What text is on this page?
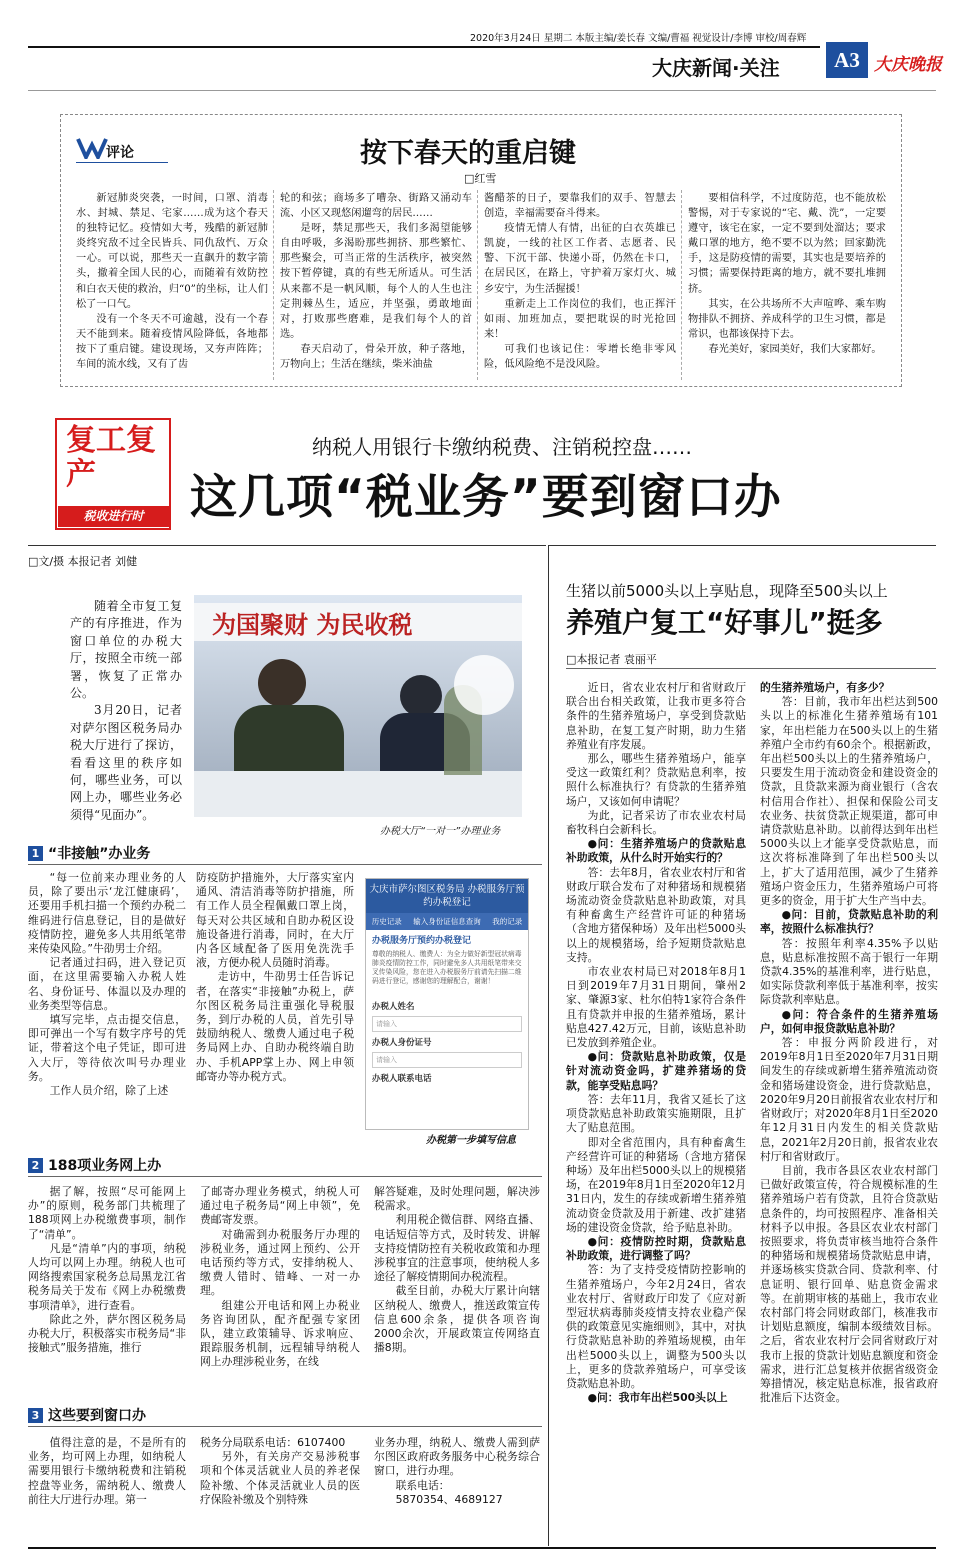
2020年3月24日 星期二 本版主编/姜长春 文编/曹福 视觉设计/李博 审校/周春辉
大庆新闻·关注	A3 大庆晚报
评论	按下春天的重启键
□红雪

新冠肺炎突袭，一时间，口罩、消毒水、封城、禁足、宅家……成为这个春天的独特记忆。疫情如大考，残酷的新冠肺炎终究敌不过全民皆兵、同仇敌忾、万众一心。可以说，那些天一直飙升的数字箭头，撤着全国人民的心，而随着有效防控和白衣天使的救治，归“0”的坐标，让人们松了一口气。

没有一个冬天不可逾越，没有一个春天不能到来。随着疫情风险降低，各地都按下了重启键。建设现场，又夯声阵阵；车间的流水线，又有了齿

轮的和弦；商场多了嘈杂、街路又涌动车流、小区又现悠闲遛弯的居民……

是呀，禁足那些天，我们多渴望能够自由呼吸，多渴盼那些拥挤、那些繁忙、那些聚会，可当正常的生活秩序，被突然按下暂停键，真的有些无所适从。可生活从来都不是一帆风顺，每个人的人生也注定荆棘丛生，适应，并坚强，勇敢地面对，打败那些磨难，是我们每个人的首选。

春天启动了，骨朵开放，种子落地，万物向上；生活在继续，柴米油盐

酱醋茶的日子，要靠我们的双手、智慧去创造，幸福需要奋斗得来。

疫情无情人有情，出征的白衣英雄已凯旋，一线的社区工作者、志愿者、民警、下沉干部、快递小哥，仍然在卡口，在居民区，在路上，守护着万家灯火、城乡安宁，为生活握援！

重新走上工作岗位的我们，也正挥汗如雨、加班加点，要把耽误的时光抢回来！

可我们也该记住：零增长绝非零风险，低风险绝不是没风险。

要相信科学，不过度防范，也不能放松警惕，对于专家说的“宅、戴、洗”，一定要遵守，该宅在家，一定不要到处溜达；要求戴口罩的地方，绝不要不以为然；回家勤洗手，这是防疫情的需要，其实也是要培养的习惯；需要保持距离的地方，就不要扎堆拥挤。

其实，在公共场所不大声喧哗、乘车购物排队不拥挤、养成科学的卫生习惯，都是常识，也都该保持下去。

春光美好，家园美好，我们大家都好。

复工复产
税收进行时
纳税人用银行卡缴纳税费、注销税控盘……
这几项“税业务”要到窗口办
□文/摄 本报记者 刘健

随着全市复工复产的有序推进，作为窗口单位的办税大厅，按照全市统一部署，恢复了正常办公。

3月20日，记者对萨尔图区税务局办税大厅进行了探访，看看这里的秩序如何，哪些业务，可以网上办，哪些业务必须得“见面办”。

为国聚财 为民收税
办税大厅“一对一”办理业务
1 “非接触”办业务

“每一位前来办理业务的人员，除了要出示‘龙江健康码’，还要用手机扫描一个预约办税二维码进行信息登记，目的是做好疫情防控，避免多人共用纸笔带来传染风险。”牛劭男士介绍。

记者通过扫码，进入登记页面，在这里需要输入办税人姓名、身份证号、体温以及办理的业务类型等信息。

填写完毕，点击提交信息，即可弹出一个写有数字序号的凭证，带着这个电子凭证，即可进入大厅，等待依次叫号办理业务。

工作人员介绍，除了上述

防疫防护措施外，大厅落实室内通风、清洁消毒等防护措施，所有工作人员全程佩戴口罩上岗，每天对公共区域和自助办税区设施设备进行消毒，同时，在大厅内各区域配备了医用免洗洗手液，方便办税人员随时消毒。

走访中，牛劭男士任告诉记者，在落实“非接触”办税上，萨尔图区税务局注重强化导税服务，到厅办税的人员，首先引导鼓励纳税人、缴费人通过电子税务局网上办、自助办税终端自助办、手机APP掌上办、网上申领邮寄办等办税方式。

大庆市萨尔图区税务局 办税服务厅预约办税登记
历史记录 输入身份证信息查询 我的记录
办税服务厅预约办税登记
尊敬的纳税人、缴费人：为全力做好新型冠状病毒肺炎疫情防控工作，同时避免多人共用纸笔带来交叉传染风险，您在进入办税服务厅前请先扫描二维码进行登记，感谢您的理解配合，谢谢！
办税人姓名
请输入
办税人身份证号
请输入
办税人联系电话
办税第一步填写信息
2 188项业务网上办

据了解，按照“尽可能网上办”的原则，税务部门共梳理了188项网上办税缴费事项，制作了“清单”。

凡是“清单”内的事项，纳税人均可以网上办理。纳税人也可网络搜索国家税务总局黑龙江省税务局关于发布《网上办税缴费事项清单》，进行查看。

除此之外，萨尔图区税务局办税大厅，积极落实市税务局“非接触式”服务措施，推行

了邮寄办理业务模式，纳税人可通过电子税务局“网上申领”，免费邮寄发票。

对确需到办税服务厅办理的涉税业务，通过网上预约、公开电话预约等方式，安排纳税人、缴费人错时、错峰、一对一办理。

组建公开电话和网上办税业务咨询团队，配齐配强专家团队，建立政策辅导、诉求响应、跟踪服务机制，远程辅导纳税人网上办理涉税业务，在线

解答疑难，及时处理问题，解决涉税需求。

利用税企微信群、网络直播、电话短信等方式，及时转发、讲解支持疫情防控有关税收政策和办理涉税事宜的注意事项，使纳税人多途径了解疫情期间办税流程。

截至目前，办税大厅累计向辖区纳税人、缴费人，推送政策宣传信息600余条，提供各项咨询2000余次，开展政策宣传网络直播8期。

3 这些要到窗口办

值得注意的是，不是所有的业务，均可网上办理，如纳税人需要用银行卡缴纳税费和注销税控盘等业务，需纳税人、缴费人前往大厅进行办理。第一

税务分局联系电话：6107400

另外，有关房产交易涉税事项和个体灵活就业人员的养老保险补缴、个体灵活就业人员的医疗保险补缴及个别特殊

业务办理，纳税人、缴费人需到萨尔图区政府政务服务中心税务综合窗口，进行办理。

联系电话：

5870354、4689127

生猪以前5000头以上享贴息，现降至500头以上
养殖户复工“好事儿”挺多
□本报记者 袁丽平

近日，省农业农村厅和省财政厅联合出台相关政策，让我市更多符合条件的生猪养殖场户，享受到贷款贴息补助，在复工复产时期，助力生猪养殖业有序发展。

那么，哪些生猪养殖场户，能享受这一政策红利？贷款贴息利率，按照什么标准执行？有贷款的生猪养殖场户，又该如何申请呢？

为此，记者采访了市农业农村局畜牧科白会新科长。

●问：生猪养殖场户的贷款贴息补助政策，从什么时开始实行的？

答：去年8月，省农业农村厅和省财政厅联合发布了对种猪场和规模猪场流动资金贷款贴息补助政策，对具有种畜禽生产经营许可证的种猪场（含地方猪保种场）及年出栏5000头以上的规模猪场，给予短期贷款贴息支持。

市农业农村局已对2018年8月1日到2019年7月31日期间，肇州2家、肇源3家、杜尔伯特1家符合条件且有贷款并申报的生猪养殖场，累计贴息427.42万元，目前，该贴息补助已发放到养殖企业。

●问：贷款贴息补助政策，仅是针对流动资金吗，扩建养猪场的贷款，能享受贴息吗？

答：去年11月，我省又延长了这项贷款贴息补助政策实施期限，且扩大了贴息范围。

即对全省范围内，具有种畜禽生产经营许可证的种猪场（含地方猪保种场）及年出栏5000头以上的规模猪场，在2019年8月1日至2020年12月31日内，发生的存续或新增生猪养殖流动资金贷款及用于新建、改扩建猪场的建设资金贷款，给予贴息补助。

●问：疫情防控时期，贷款贴息补助政策，进行调整了吗？

答：为了支持受疫情防控影响的生猪养殖场户，今年2月24日，省农业农村厅、省财政厅印发了《应对新型冠状病毒肺炎疫情支持农业稳产保供的政策意见实施细则》，其中，对执行贷款贴息补助的养殖场规模，由年出栏5000头以上，调整为500头以上，更多的贷款养殖场户，可享受该贷款贴息补助。

●问：我市年出栏500头以上

的生猪养殖场户，有多少？

答：目前，我市年出栏达到500头以上的标准化生猪养殖场有101家，年出栏能力在500头以上的生猪养殖户全市约有60余个。根据新政，年出栏500头以上的生猪养殖场户，只要发生用于流动资金和建设资金的贷款，且贷款来源为商业银行（含农村信用合作社）、担保和保险公司支农业务、扶贫贷款正规渠道，都可申请贷款贴息补助。以前得达到年出栏5000头以上才能享受贷款贴息，而这次将标准降到了年出栏500头以上，扩大了适用范围，减少了生猪养殖场户资金压力，生猪养殖场户可将更多的资金，用于扩大生产当中去。

●问：目前，贷款贴息补助的利率，按照什么标准执行？

答：按照年利率4.35%予以贴息，贴息标准按照不高于银行一年期贷款4.35%的基准利率，进行贴息，如实际贷款利率低于基准利率，按实际贷款利率贴息。

●问：符合条件的生猪养殖场户，如何申报贷款贴息补助？

答：申报分两阶段进行，对2019年8月1日至2020年7月31日期间发生的存续或新增生猪养殖流动资金和猪场建设资金，进行贷款贴息，2020年9月20日前报省农业农村厅和省财政厅；对2020年8月1日至2020年12月31日内发生的相关贷款贴息，2021年2月20日前，报省农业农村厅和省财政厅。

目前，我市各县区农业农村部门已做好政策宣传，符合规模标准的生猪养殖场户若有贷款，且符合贷款贴息条件的，均可按照程序、准备相关材料予以申报。各县区农业农村部门按照要求，将负责审核当地符合条件的种猪场和规模猪场贷款贴息申请，并逐场核实贷款合同、贷款利率、付息证明、银行回单、贴息资金需求等。在前期审核的基础上，我市农业农村部门将会同财政部门，核准我市计划贴息额度，编制本级绩效目标。之后，省农业农村厅会同省财政厅对我市上报的贷款计划贴息额度和资金需求，进行汇总复核并依据省级资金筹措情况，核定贴息标准，报省政府批准后下达资金。
